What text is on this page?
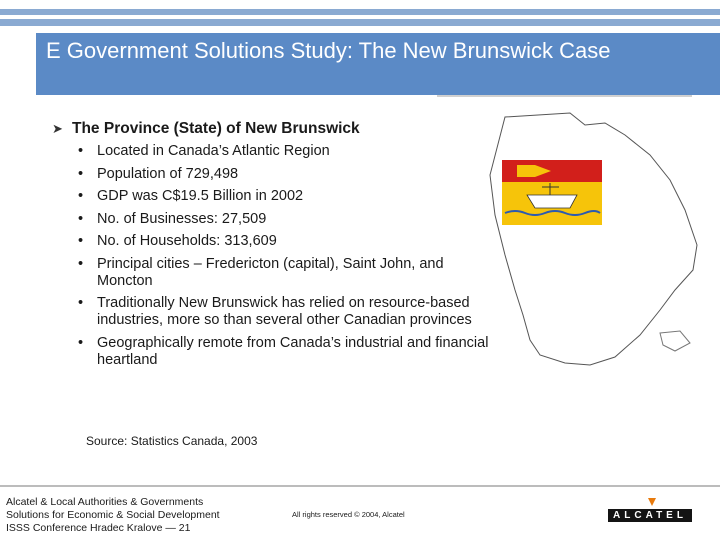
E Government Solutions Study: The New Brunswick Case
➤ The Province (State) of New Brunswick
• Located in Canada’s Atlantic Region
• Population of 729,498
• GDP was C$19.5 Billion in 2002
• No. of Businesses: 27,509
• No. of Households: 313,609
• Principal cities – Fredericton (capital), Saint John, and Moncton
• Traditionally New Brunswick has relied on resource-based industries, more so than several other Canadian provinces
• Geographically remote from Canada’s industrial and financial heartland
Source: Statistics Canada, 2003
Alcatel & Local Authorities & Governments
Solutions for Economic & Social Development
ISSS Conference Hradec Kralove — 21
All rights reserved © 2004, Alcatel	ALCATEL
